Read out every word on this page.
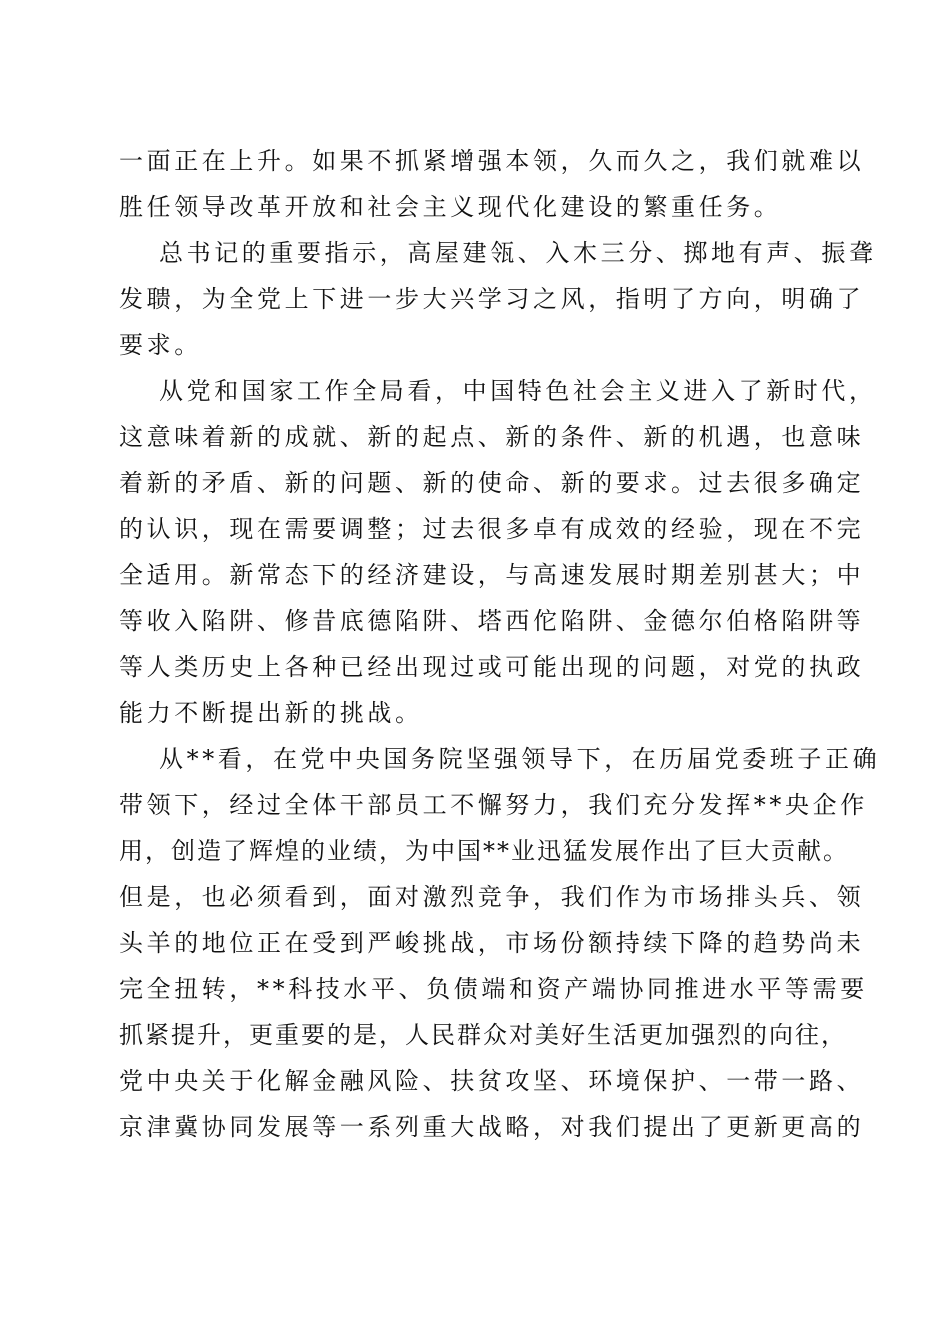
一面正在上升。如果不抓紧增强本领，久而久之，我们就难以
胜任领导改革开放和社会主义现代化建设的繁重任务。
总书记的重要指示，高屋建瓴、入木三分、掷地有声、振聋
发聩，为全党上下进一步大兴学习之风，指明了方向，明确了
要求。
从党和国家工作全局看，中国特色社会主义进入了新时代，
这意味着新的成就、新的起点、新的条件、新的机遇，也意味
着新的矛盾、新的问题、新的使命、新的要求。过去很多确定
的认识，现在需要调整；过去很多卓有成效的经验，现在不完
全适用。新常态下的经济建设，与高速发展时期差别甚大；中
等收入陷阱、修昔底德陷阱、塔西佗陷阱、金德尔伯格陷阱等
等人类历史上各种已经出现过或可能出现的问题，对党的执政
能力不断提出新的挑战。
从**看，在党中央国务院坚强领导下，在历届党委班子正确
带领下，经过全体干部员工不懈努力，我们充分发挥**央企作
用，创造了辉煌的业绩，为中国**业迅猛发展作出了巨大贡献。
但是，也必须看到，面对激烈竞争，我们作为市场排头兵、领
头羊的地位正在受到严峻挑战，市场份额持续下降的趋势尚未
完全扭转，**科技水平、负债端和资产端协同推进水平等需要
抓紧提升，更重要的是，人民群众对美好生活更加强烈的向往，
党中央关于化解金融风险、扶贫攻坚、环境保护、一带一路、
京津冀协同发展等一系列重大战略，对我们提出了更新更高的
